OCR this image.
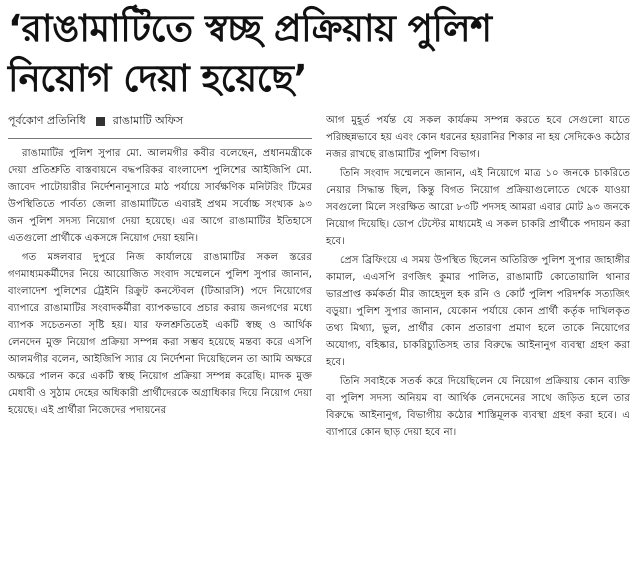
‘রাঙামাটিতে স্বচ্ছ প্রক্রিয়ায় পুলিশ
নিয়োগ দেয়া হয়েছে’
পূর্বকোণ প্রতিনিধি রাঙামাটি অফিস

রাঙামাটির পুলিশ সুপার মো. আলমগীর কবীর বলেছেন, প্রধানমন্ত্রীকে দেয়া প্রতিশ্রুতি বাস্তবায়নে বদ্ধপরিকর বাংলাদেশ পুলিশের আইজিপি মো. জাবেদ পাটোয়ারীর নির্দেশনানুসারে মাঠ পর্যায়ে সার্বক্ষণিক মনিটরিং টিমের উপস্থিতিতে পার্বত্য জেলা রাঙামাটিতে এবারই প্রথম সর্বোচ্চ সংখ্যক ৯৩ জন পুলিশ সদস্য নিয়োগ দেয়া হয়েছে। এর আগে রাঙামাটির ইতিহাসে এতগুলো প্রার্থীকে একসঙ্গে নিয়োগ দেয়া হয়নি।

গত মঙ্গলবার দুপুরে নিজ কার্যালয়ে রাঙামাটির সকল স্তরের গণমাধ্যমকর্মীদের নিয়ে আয়োজিত সংবাদ সম্মেলনে পুলিশ সুপার জানান, বাংলাদেশ পুলিশের ট্রেইনি রিক্রুট কনস্টেবল (টিআরসি) পদে নিয়োগের ব্যাপারে রাঙামাটির সংবাদকর্মীরা ব্যাপকভাবে প্রচার করায় জনগণের মধ্যে ব্যাপক সচেতনতা সৃষ্টি হয়। যার ফলশ্রুতিতেই একটি স্বচ্ছ ও আর্থিক লেনদেন মুক্ত নিয়োগ প্রক্রিয়া সম্পন্ন করা সম্ভব হয়েছে মন্তব্য করে এসপি আলমগীর বলেন, আইজিপি স্যার যে নির্দেশনা দিয়েছিলেন তা আমি অক্ষরে অক্ষরে পালন করে একটি স্বচ্ছ নিয়োগ প্রক্রিয়া সম্পন্ন করেছি। মাদক মুক্ত মেধাবী ও সুঠাম দেহের অধিকারী প্রার্থীদেরকে অগ্রাধিকার দিয়ে নিয়োগ দেয়া হয়েছে। এই প্রার্থীরা নিজেদের পদায়নের

আগ মুহূর্ত পর্যন্ত যে সকল কার্যক্রম সম্পন্ন করতে হবে সেগুলো যাতে পরিচ্ছন্নভাবে হয় এবং কোন ধরনের হয়রানির শিকার না হয় সেদিকেও কঠোর নজর রাখছে রাঙামাটির পুলিশ বিভাগ।

তিনি সংবাদ সম্মেলনে জানান, এই নিয়োগে মাত্র ১০ জনকে চাকরিতে নেয়ার সিদ্ধান্ত ছিল, কিন্তু বিগত নিয়োগ প্রক্রিয়াগুলোতে থেকে যাওয়া সবগুলো মিলে সংরক্ষিত আরো ৮৩টি পদসহ আমরা এবার মোট ৯৩ জনকে নিয়োগ দিয়েছি। ডোপ টেস্টের মাধ্যমেই এ সকল চাকরি প্রার্থীকে পদায়ন করা হবে।

প্রেস ব্রিফিংয়ে এ সময় উপস্থিত ছিলেন অতিরিক্ত পুলিশ সুপার জাহাঙ্গীর কামাল, এএসপি রণজিৎ কুমার পালিত, রাঙামাটি কোতোয়ালি থানার ভারপ্রাপ্ত কর্মকর্তা মীর জাহেদুল হক রনি ও কোর্ট পুলিশ পরিদর্শক সত্যজিৎ বড়ুয়া। পুলিশ সুপার জানান, যেকোন পর্যায়ে কোন প্রার্থী কর্তৃক দাখিলকৃত তথ্য মিথ্যা, ভুল, প্রার্থীর কোন প্রতারণা প্রমাণ হলে তাকে নিয়োগের অযোগ্য, বহিষ্কার, চাকরিচ্যুতিসহ তার বিরুদ্ধে আইনানুগ ব্যবস্থা গ্রহণ করা হবে।

তিনি সবাইকে সতর্ক করে দিয়েছিলেন যে নিয়োগ প্রক্রিয়ায় কোন ব্যক্তি বা পুলিশ সদস্য অনিয়ম বা আর্থিক লেনদেনের সাথে জড়িত হলে তার বিরুদ্ধে আইনানুগ, বিভাগীয় কঠোর শাস্তিমূলক ব্যবস্থা গ্রহণ করা হবে। এ ব্যাপারে কোন ছাড় দেয়া হবে না।
